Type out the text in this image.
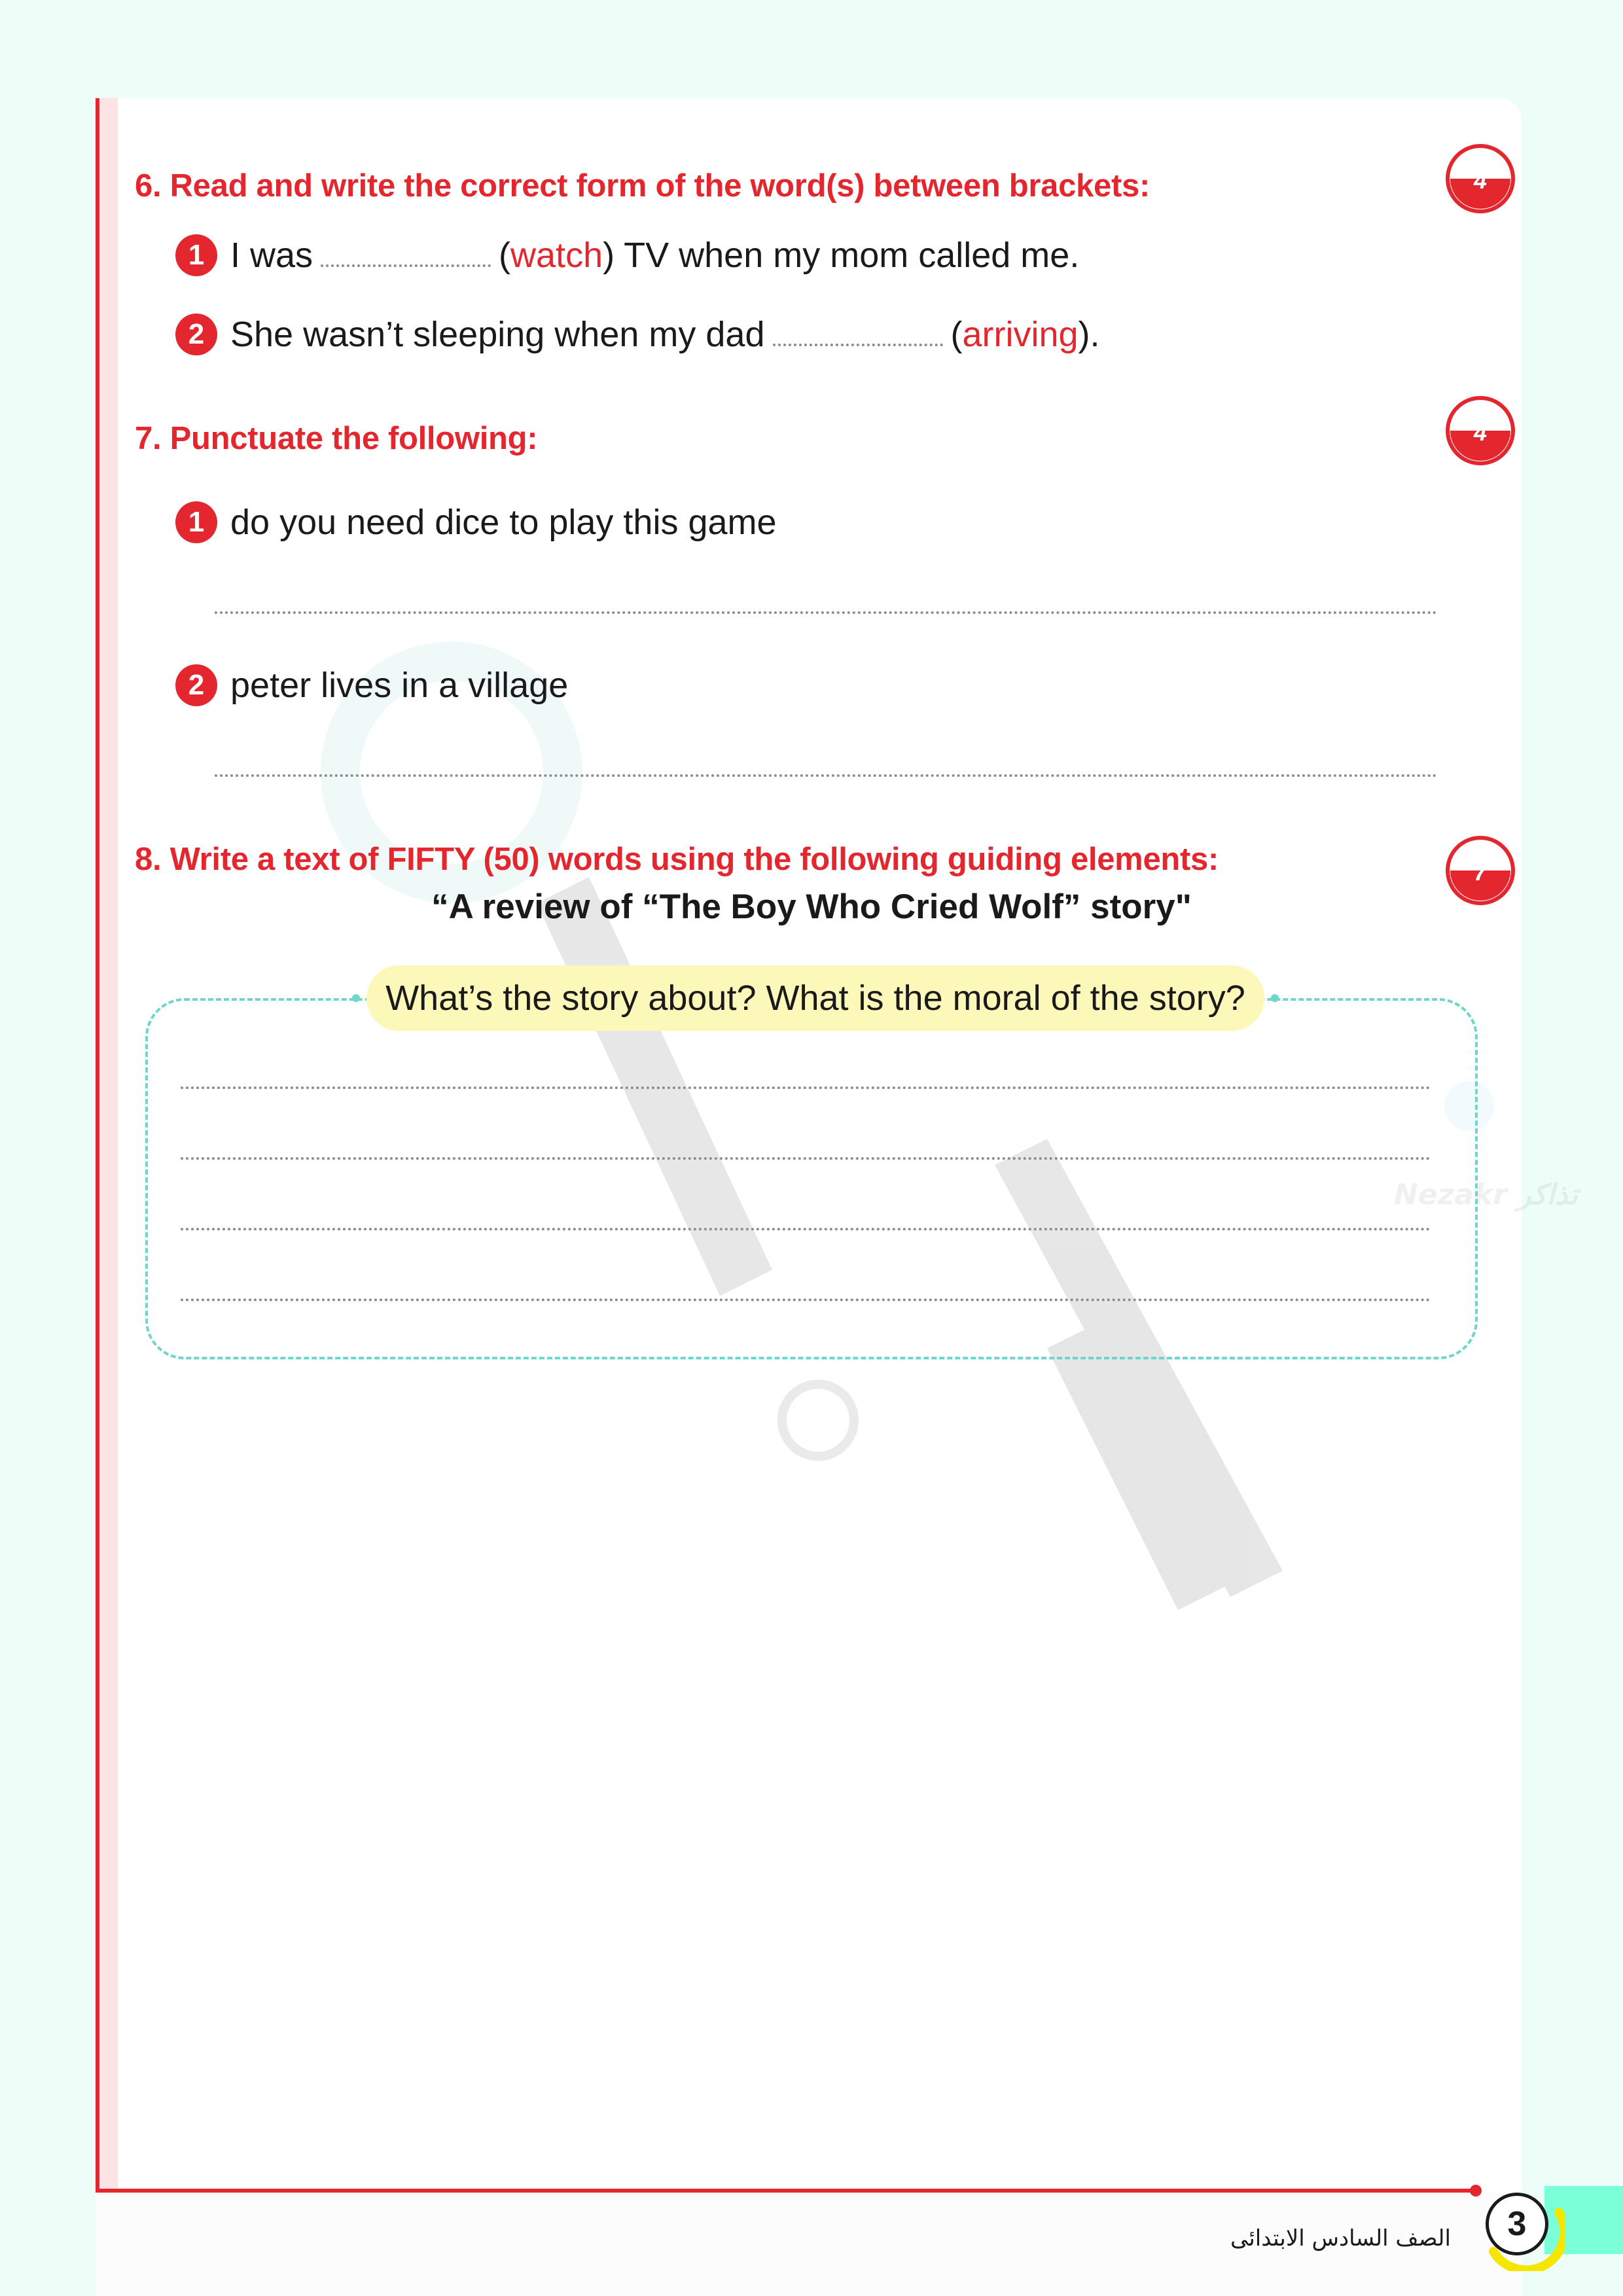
تذاكر
6. Read and write the correct form of the word(s) between brackets:	4
1 I was	( watch ) TV when my mom called me.
2 She wasn’t sleeping when my dad	( arriving ).
7. Punctuate the following:	4
1 do you need dice to play this game
2 peter lives in a village
8. Write a text of FIFTY (50) words using the following guiding elements:	7
“A review of “The Boy Who Cried Wolf” story"
What’s the story about? What is the moral of the story?
الصف السادس الابتدائى	3
